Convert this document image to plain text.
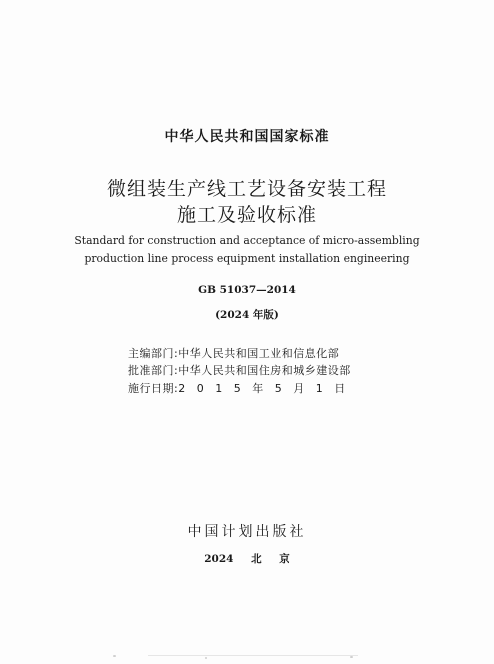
中华人民共和国国家标准
微组装生产线工艺设备安装工程
施工及验收标准
Standard for construction and acceptance of micro-assembling
production line process equipment installation engineering
GB 51037—2014
(2024 年版)
主编部门:中华人民共和国工业和信息化部
批准部门:中华人民共和国住房和城乡建设部
施行日期:2015年5月1日
中国计划出版社
2024 北 京
